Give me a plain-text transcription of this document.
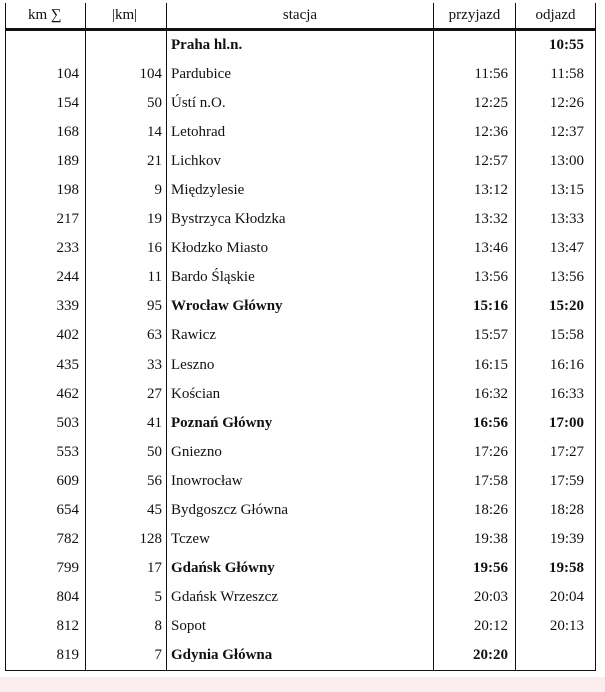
km ∑	|km|	stacja	przyjazd	odjazd
		Praha hl.n.		10:55
104	104	Pardubice	11:56	11:58
154	50	Ústí n.O.	12:25	12:26
168	14	Letohrad	12:36	12:37
189	21	Lichkov	12:57	13:00
198	9	Międzylesie	13:12	13:15
217	19	Bystrzyca Kłodzka	13:32	13:33
233	16	Kłodzko Miasto	13:46	13:47
244	11	Bardo Śląskie	13:56	13:56
339	95	Wrocław Główny	15:16	15:20
402	63	Rawicz	15:57	15:58
435	33	Leszno	16:15	16:16
462	27	Kościan	16:32	16:33
503	41	Poznań Główny	16:56	17:00
553	50	Gniezno	17:26	17:27
609	56	Inowrocław	17:58	17:59
654	45	Bydgoszcz Główna	18:26	18:28
782	128	Tczew	19:38	19:39
799	17	Gdańsk Główny	19:56	19:58
804	5	Gdańsk Wrzeszcz	20:03	20:04
812	8	Sopot	20:12	20:13
819	7	Gdynia Główna	20:20	
